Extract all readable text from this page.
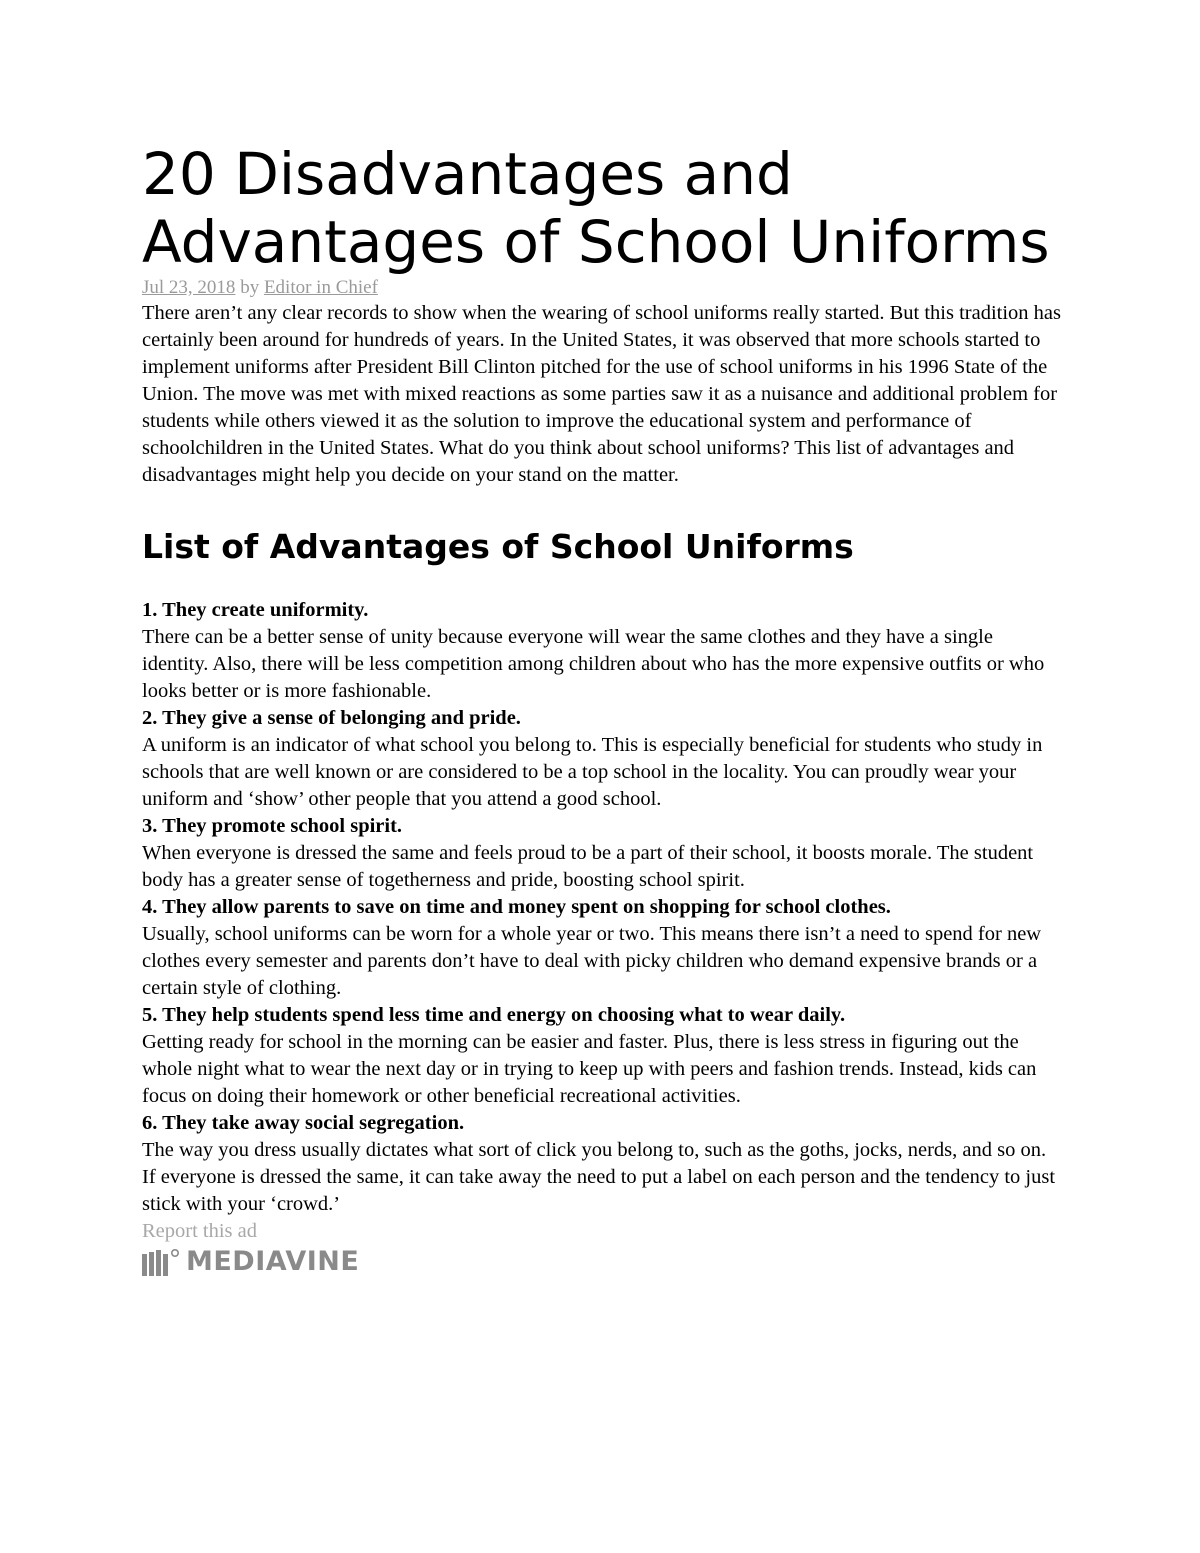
20 Disadvantages and Advantages of School Uniforms

Jul 23, 2018 by Editor in Chief

There aren’t any clear records to show when the wearing of school uniforms really started. But this tradition has certainly been around for hundreds of years. In the United States, it was observed that more schools started to implement uniforms after President Bill Clinton pitched for the use of school uniforms in his 1996 State of the Union. The move was met with mixed reactions as some parties saw it as a nuisance and additional problem for students while others viewed it as the solution to improve the educational system and performance of schoolchildren in the United States. What do you think about school uniforms? This list of advantages and disadvantages might help you decide on your stand on the matter.

List of Advantages of School Uniforms

1. They create uniformity.

There can be a better sense of unity because everyone will wear the same clothes and they have a single identity. Also, there will be less competition among children about who has the more expensive outfits or who looks better or is more fashionable.

2. They give a sense of belonging and pride.

A uniform is an indicator of what school you belong to. This is especially beneficial for students who study in schools that are well known or are considered to be a top school in the locality. You can proudly wear your uniform and ‘show’ other people that you attend a good school.

3. They promote school spirit.

When everyone is dressed the same and feels proud to be a part of their school, it boosts morale. The student body has a greater sense of togetherness and pride, boosting school spirit.

4. They allow parents to save on time and money spent on shopping for school clothes.

Usually, school uniforms can be worn for a whole year or two. This means there isn’t a need to spend for new clothes every semester and parents don’t have to deal with picky children who demand expensive brands or a certain style of clothing.

5. They help students spend less time and energy on choosing what to wear daily.

Getting ready for school in the morning can be easier and faster. Plus, there is less stress in figuring out the whole night what to wear the next day or in trying to keep up with peers and fashion trends. Instead, kids can focus on doing their homework or other beneficial recreational activities.

6. They take away social segregation.

The way you dress usually dictates what sort of click you belong to, such as the goths, jocks, nerds, and so on. If everyone is dressed the same, it can take away the need to put a label on each person and the tendency to just stick with your ‘crowd.’

Report this ad

MEDIAVINE
